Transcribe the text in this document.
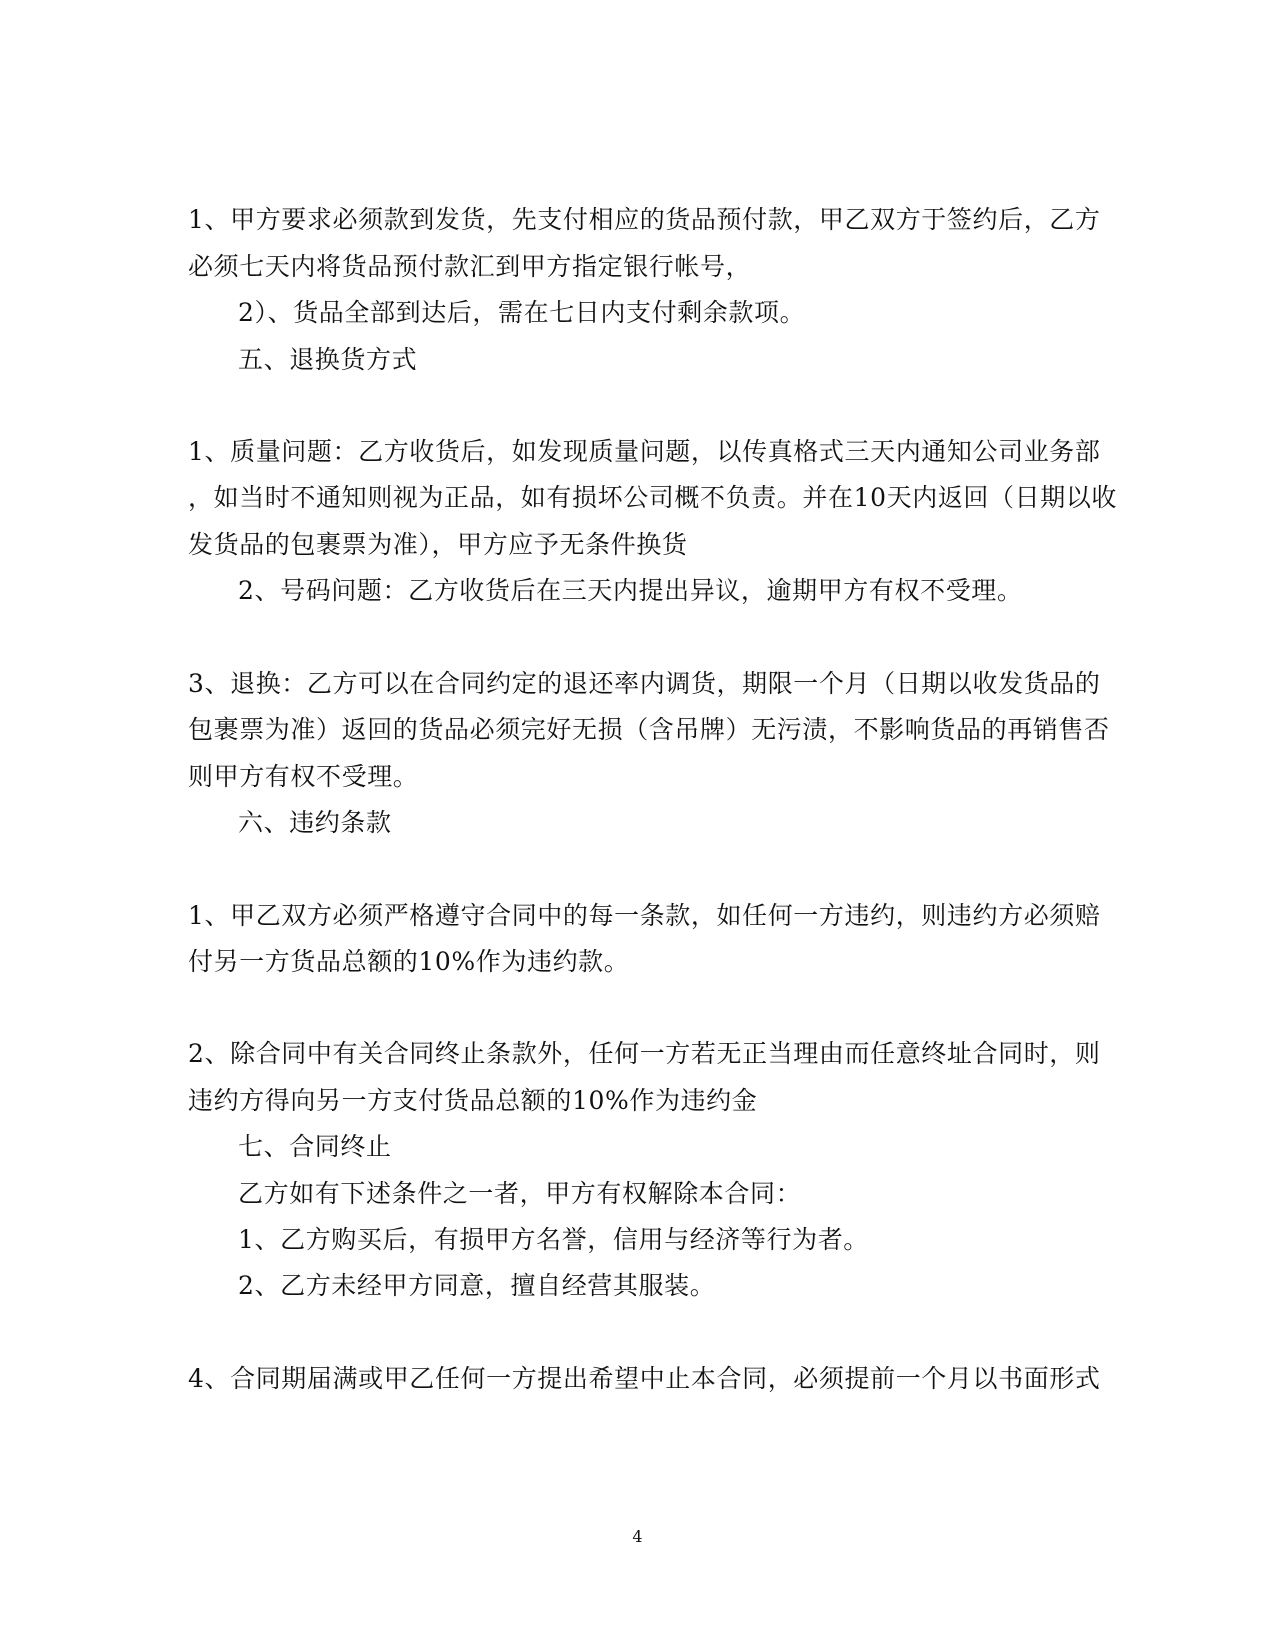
1、甲方要求必须款到发货，先支付相应的货品预付款，甲乙双方于签约后，乙方
必须七天内将货品预付款汇到甲方指定银行帐号，
2）、货品全部到达后，需在七日内支付剩余款项。
五、退换货方式
1、质量问题：乙方收货后，如发现质量问题，以传真格式三天内通知公司业务部
，如当时不通知则视为正品，如有损坏公司概不负责。并在10天内返回（日期以收
发货品的包裹票为准），甲方应予无条件换货
2、号码问题：乙方收货后在三天内提出异议，逾期甲方有权不受理。
3、退换：乙方可以在合同约定的退还率内调货，期限一个月（日期以收发货品的
包裹票为准）返回的货品必须完好无损（含吊牌）无污渍，不影响货品的再销售否
则甲方有权不受理。
六、违约条款
1、甲乙双方必须严格遵守合同中的每一条款，如任何一方违约，则违约方必须赔
付另一方货品总额的10%作为违约款。
2、除合同中有关合同终止条款外，任何一方若无正当理由而任意终址合同时，则
违约方得向另一方支付货品总额的10%作为违约金
七、合同终止
乙方如有下述条件之一者，甲方有权解除本合同：
1、乙方购买后，有损甲方名誉，信用与经济等行为者。
2、乙方未经甲方同意，擅自经营其服装。
4、合同期届满或甲乙任何一方提出希望中止本合同，必须提前一个月以书面形式
4
